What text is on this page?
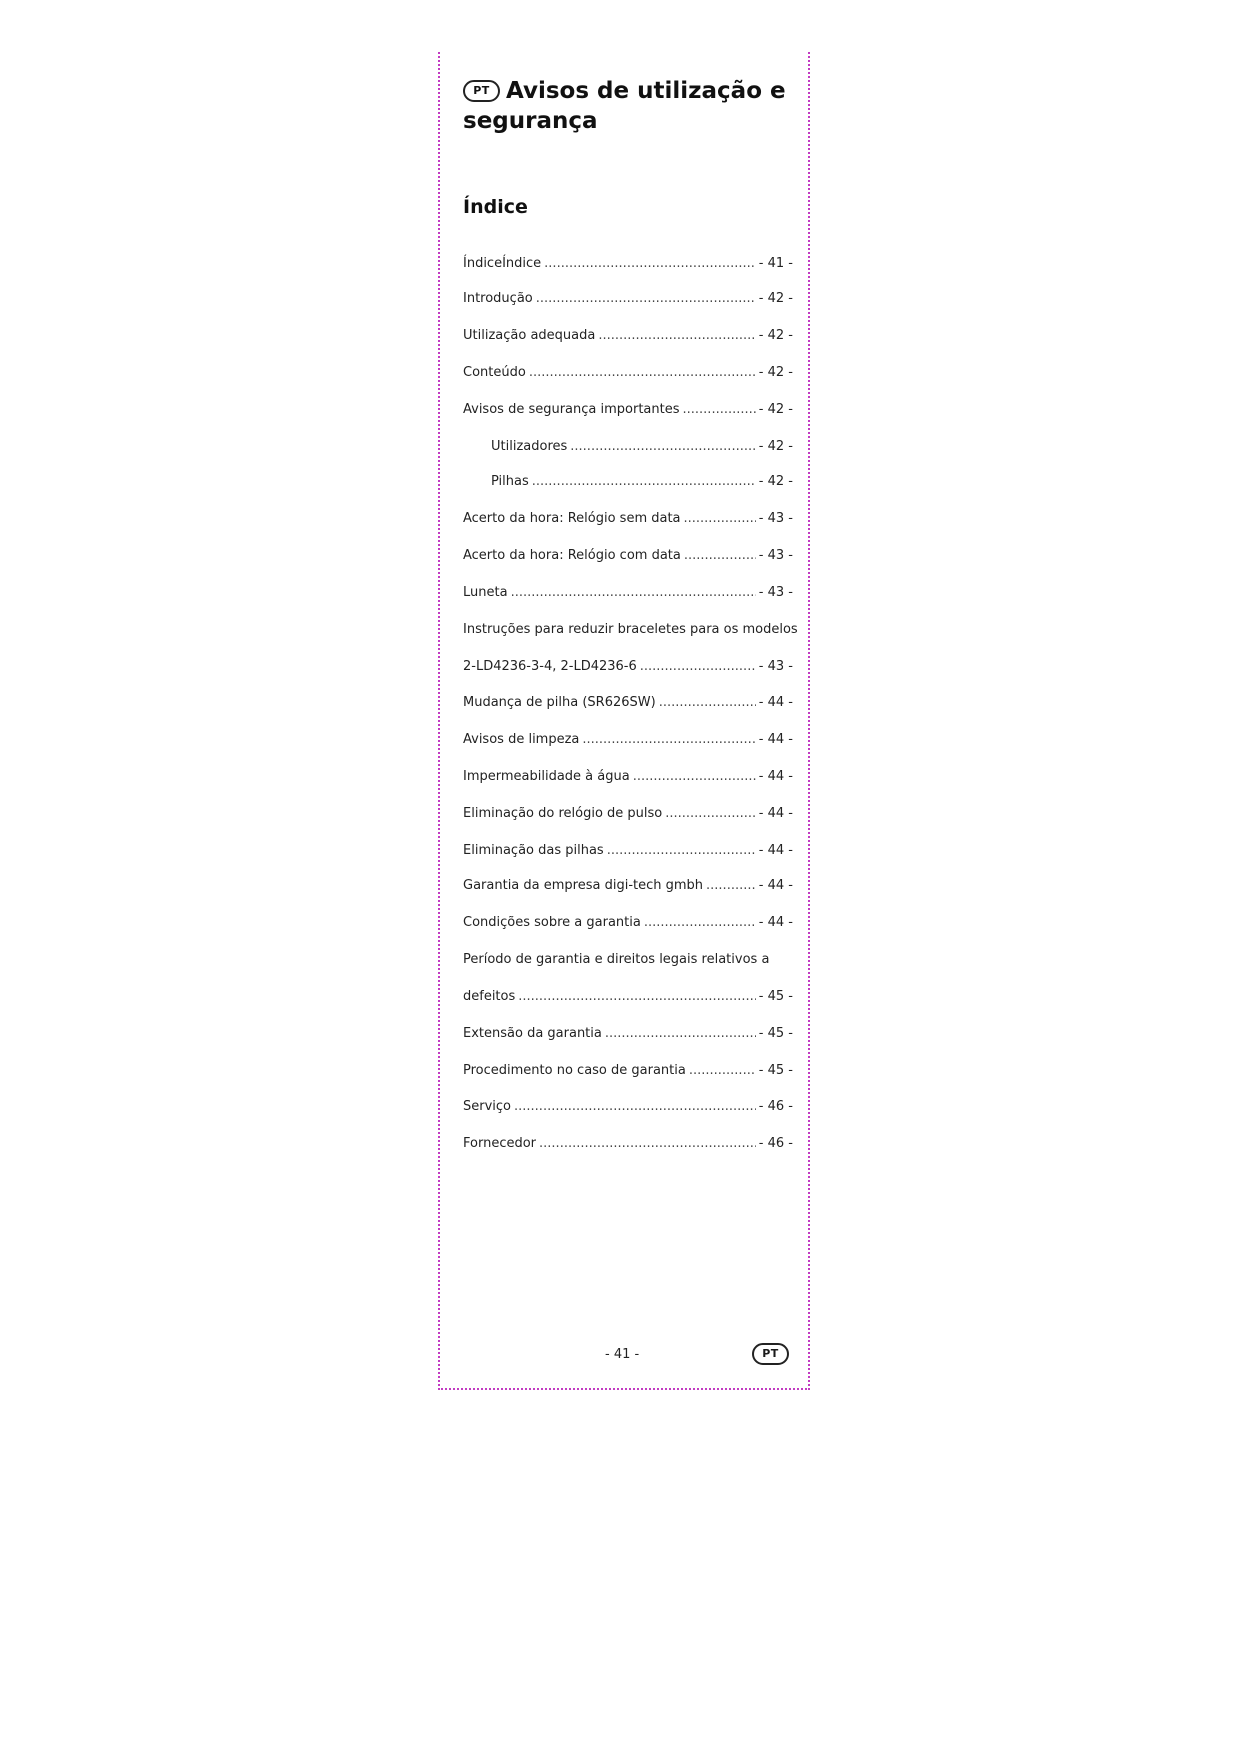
PT Avisos de utilização e segurança
Índice
ÍndiceÍndice .....	- 41 -
Introdução .....	- 42 -
Utilização adequada .....	- 42 -
Conteúdo .....	- 42 -
Avisos de segurança importantes .....	- 42 -
Utilizadores .....	- 42 -
Pilhas .....	- 42 -
Acerto da hora: Relógio sem data .....	- 43 -
Acerto da hora: Relógio com data .....	- 43 -
Luneta .....	- 43 -
Instruções para reduzir braceletes para os modelos
2-LD4236-3-4, 2-LD4236-6 .....	- 43 -
Mudança de pilha (SR626SW) .....	- 44 -
Avisos de limpeza .....	- 44 -
Impermeabilidade à água .....	- 44 -
Eliminação do relógio de pulso .....	- 44 -
Eliminação das pilhas .....	- 44 -
Garantia da empresa digi-tech gmbh .....	- 44 -
Condições sobre a garantia .....	- 44 -
Período de garantia e direitos legais relativos a
defeitos .....	- 45 -
Extensão da garantia .....	- 45 -
Procedimento no caso de garantia .....	- 45 -
Serviço .....	- 46 -
Fornecedor .....	- 46 -
- 41 -	PT
